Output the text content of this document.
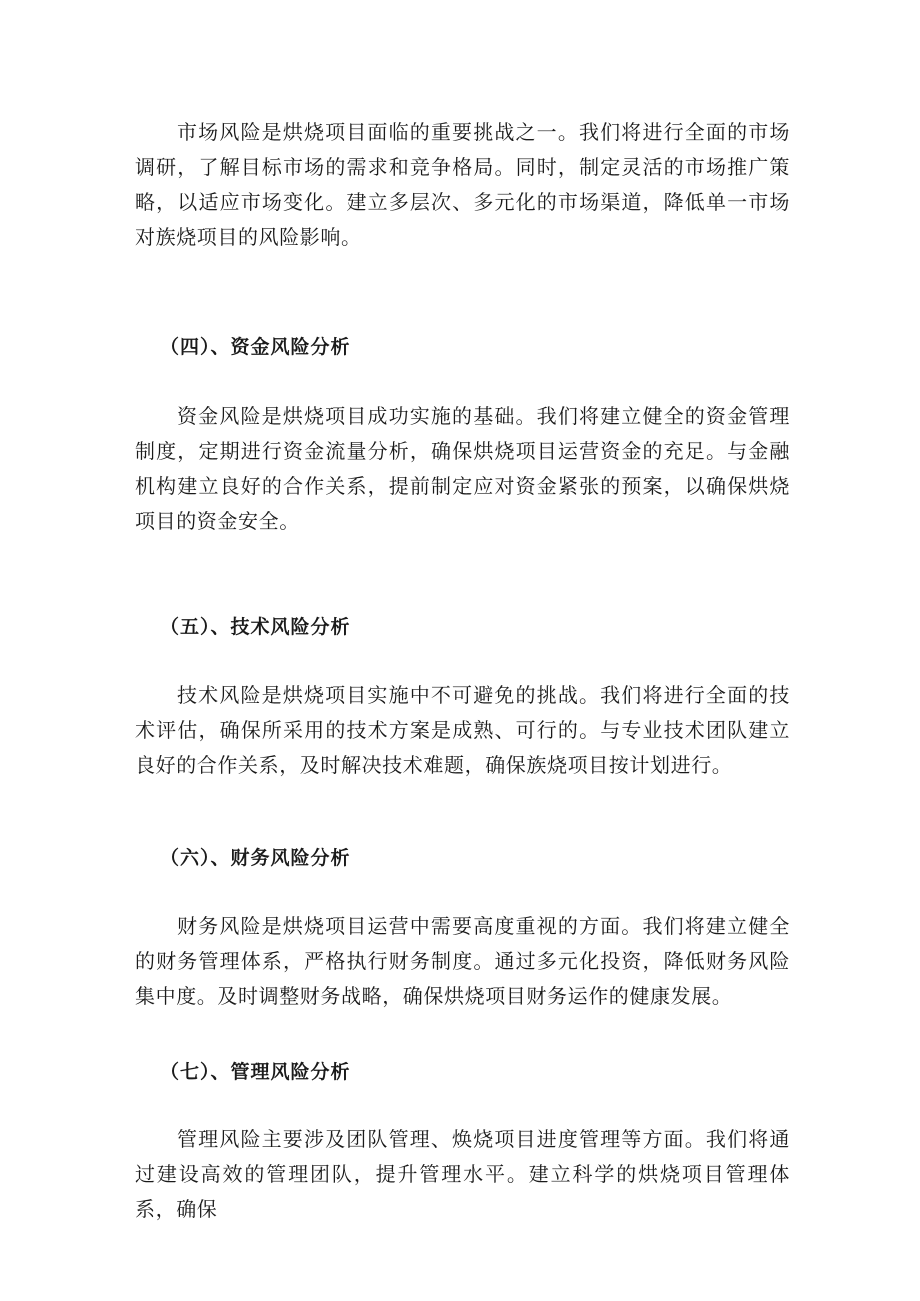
市场风险是烘烧项目面临的重要挑战之一。我们将进行全面的市场调研，了解目标市场的需求和竞争格局。同时，制定灵活的市场推广策略，以适应市场变化。建立多层次、多元化的市场渠道，降低单一市场对族烧项目的风险影响。

（四）、资金风险分析

资金风险是烘烧项目成功实施的基础。我们将建立健全的资金管理制度，定期进行资金流量分析，确保烘烧项目运营资金的充足。与金融机构建立良好的合作关系，提前制定应对资金紧张的预案，以确保烘烧项目的资金安全。

（五）、技术风险分析

技术风险是烘烧项目实施中不可避免的挑战。我们将进行全面的技术评估，确保所采用的技术方案是成熟、可行的。与专业技术团队建立良好的合作关系，及时解决技术难题，确保族烧项目按计划进行。

（六）、财务风险分析

财务风险是烘烧项目运营中需要高度重视的方面。我们将建立健全的财务管理体系，严格执行财务制度。通过多元化投资，降低财务风险集中度。及时调整财务战略，确保烘烧项目财务运作的健康发展。

（七）、管理风险分析

管理风险主要涉及团队管理、焕烧项目进度管理等方面。我们将通过建设高效的管理团队，提升管理水平。建立科学的烘烧项目管理体系，确保
